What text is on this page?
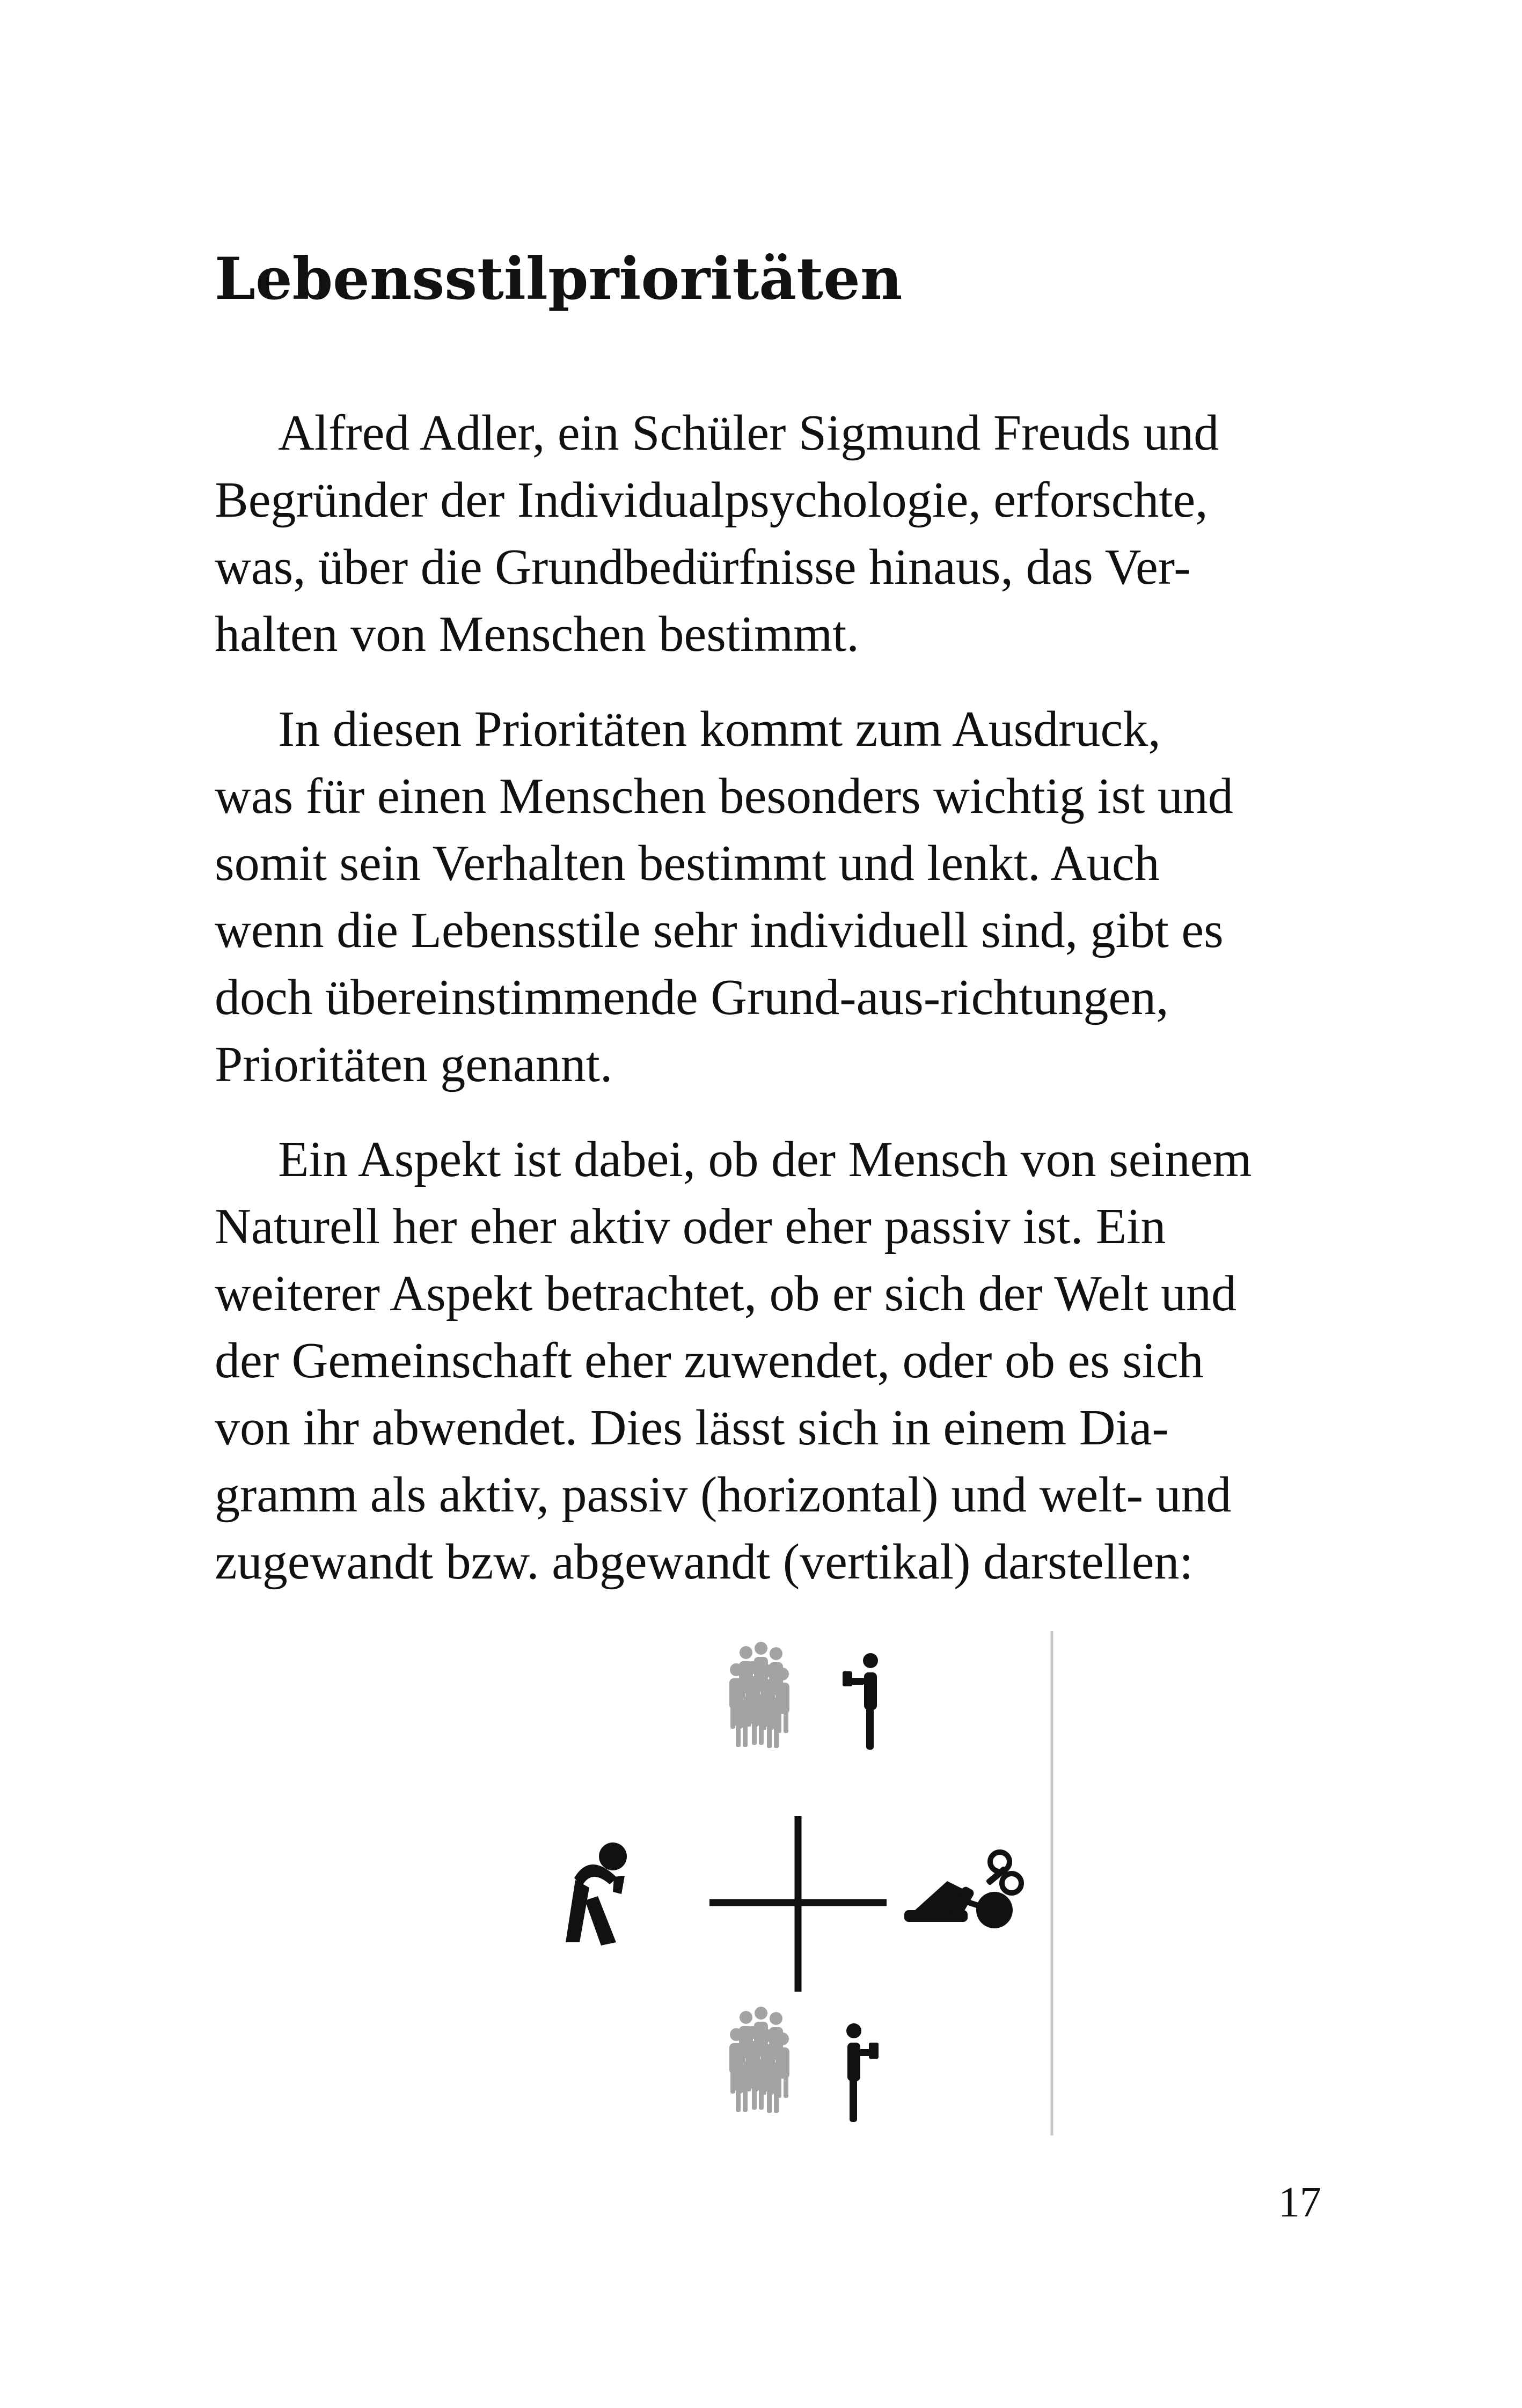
Lebensstilprioritäten

Alfred Adler, ein Schüler Sigmund Freuds und
Begründer der Individualpsychologie, erforschte,
was, über die Grundbedürfnisse hinaus, das Ver-
halten von Menschen bestimmt.

In diesen Prioritäten kommt zum Ausdruck,
was für einen Menschen besonders wichtig ist und
somit sein Verhalten bestimmt und lenkt. Auch
wenn die Lebensstile sehr individuell sind, gibt es
doch übereinstimmende Grund-aus-richtungen,
Prioritäten genannt.

Ein Aspekt ist dabei, ob der Mensch von seinem
Naturell her eher aktiv oder eher passiv ist. Ein
weiterer Aspekt betrachtet, ob er sich der Welt und
der Gemeinschaft eher zuwendet, oder ob es sich
von ihr abwendet. Dies lässt sich in einem Dia-
gramm als aktiv, passiv (horizontal) und welt- und
zugewandt bzw. abgewandt (vertikal) darstellen:

17
